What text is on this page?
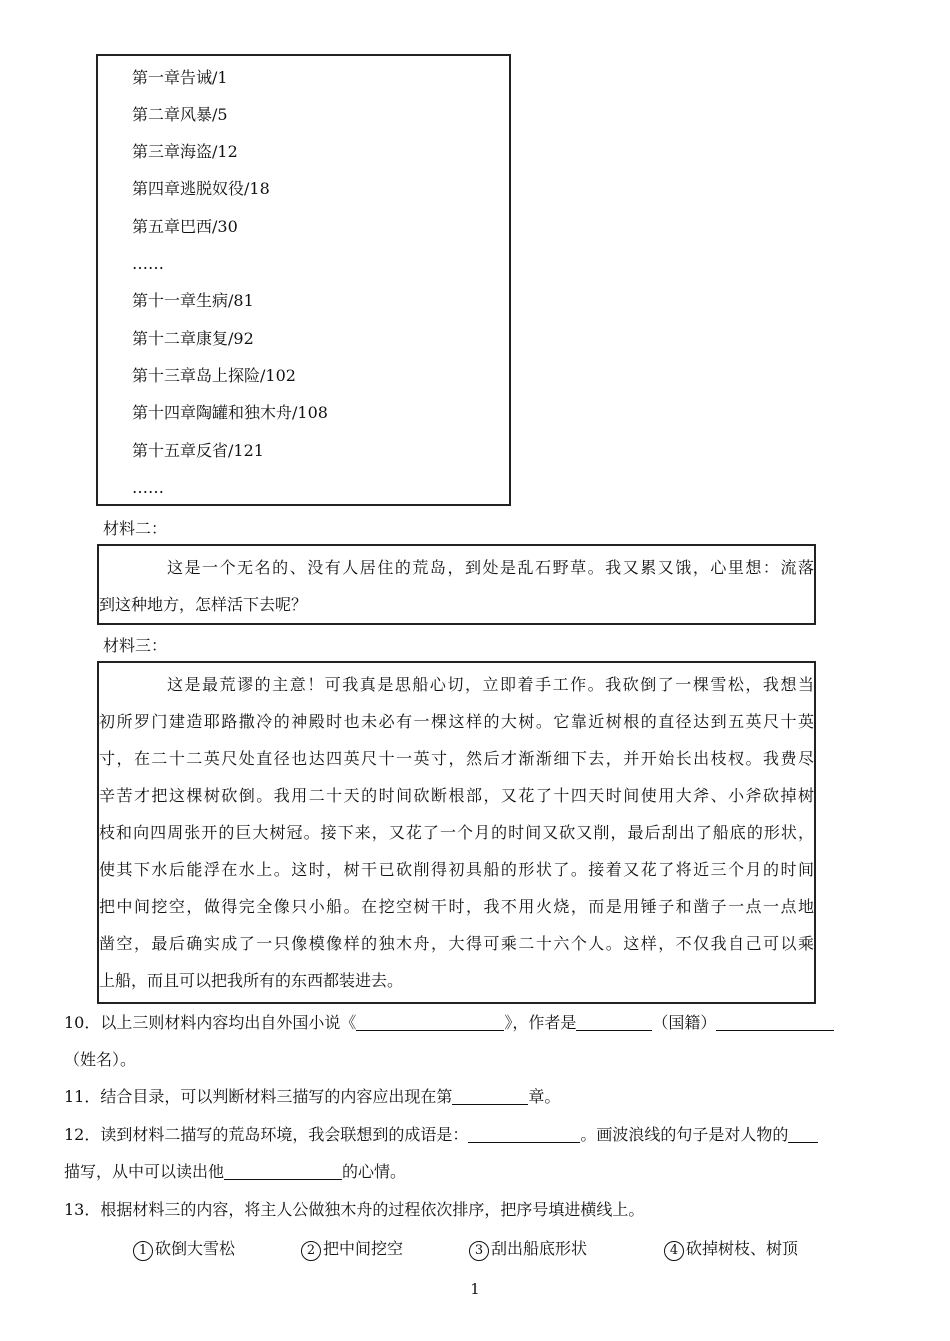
第一章告诫/1
第二章风暴/5
第三章海盗/12
第四章逃脱奴役/18
第五章巴西/30
……
第十一章生病/81
第十二章康复/92
第十三章岛上探险/102
第十四章陶罐和独木舟/108
第十五章反省/121
……
材料二：
这是一个无名的、没有人居住的荒岛，到处是乱石野草。我又累又饿，心里想：流落
到这种地方，怎样活下去呢？
材料三：
这是最荒谬的主意！可我真是思船心切，立即着手工作。我砍倒了一棵雪松，我想当
初所罗门建造耶路撒冷的神殿时也未必有一棵这样的大树。它靠近树根的直径达到五英尺十英
寸，在二十二英尺处直径也达四英尺十一英寸，然后才渐渐细下去，并开始长出枝杈。我费尽
辛苦才把这棵树砍倒。我用二十天的时间砍断根部，又花了十四天时间使用大斧、小斧砍掉树
枝和向四周张开的巨大树冠。接下来，又花了一个月的时间又砍又削，最后刮出了船底的形状，
使其下水后能浮在水上。这时，树干已砍削得初具船的形状了。接着又花了将近三个月的时间
把中间挖空，做得完全像只小船。在挖空树干时，我不用火烧，而是用锤子和凿子一点一点地
凿空，最后确实成了一只像模像样的独木舟，大得可乘二十六个人。这样，不仅我自己可以乘
上船，而且可以把我所有的东西都装进去。
10．以上三则材料内容均出自外国小说《	》，作者是	（国籍）
（姓名）。
11．结合目录，可以判断材料三描写的内容应出现在第	章。
12．读到材料二描写的荒岛环境，我会联想到的成语是：	。画波浪线的句子是对人物的
描写，从中可以读出他	的心情。
13．根据材料三的内容，将主人公做独木舟的过程依次排序，把序号填进横线上。
1 砍倒大雪松	2 把中间挖空	3 刮出船底形状	4 砍掉树枝、树顶
1
